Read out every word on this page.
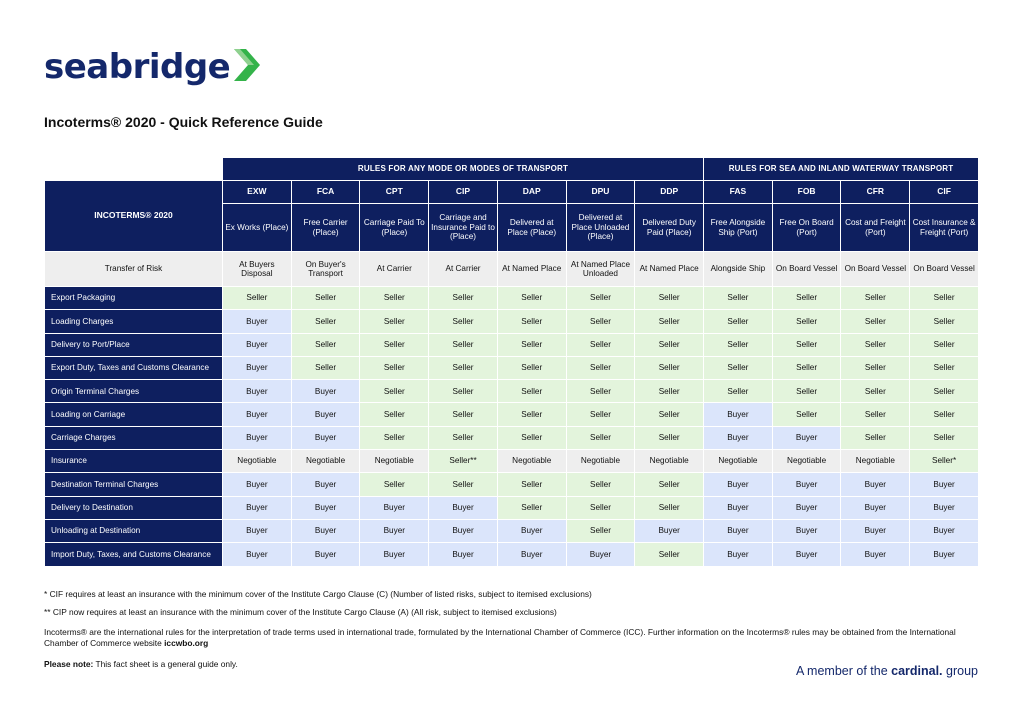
seabridge
Incoterms® 2020 - Quick Reference Guide
	RULES FOR ANY MODE OR MODES OF TRANSPORT							RULES FOR SEA AND INLAND WATERWAY TRANSPORT			
INCOTERMS® 2020	EXW	FCA	CPT	CIP	DAP	DPU	DDP	FAS	FOB	CFR	CIF
	Ex Works (Place)	Free Carrier (Place)	Carriage Paid To (Place)	Carriage and Insurance Paid to (Place)	Delivered at Place (Place)	Delivered at Place Unloaded (Place)	Delivered Duty Paid (Place)	Free Alongside Ship (Port)	Free On Board (Port)	Cost and Freight (Port)	Cost Insurance & Freight (Port)
Transfer of Risk	At Buyers Disposal	On Buyer's Transport	At Carrier	At Carrier	At Named Place	At Named Place Unloaded	At Named Place	Alongside Ship	On Board Vessel	On Board Vessel	On Board Vessel
Export Packaging	Seller	Seller	Seller	Seller	Seller	Seller	Seller	Seller	Seller	Seller	Seller
Loading Charges	Buyer	Seller	Seller	Seller	Seller	Seller	Seller	Seller	Seller	Seller	Seller
Delivery to Port/Place	Buyer	Seller	Seller	Seller	Seller	Seller	Seller	Seller	Seller	Seller	Seller
Export Duty, Taxes and Customs Clearance	Buyer	Seller	Seller	Seller	Seller	Seller	Seller	Seller	Seller	Seller	Seller
Origin Terminal Charges	Buyer	Buyer	Seller	Seller	Seller	Seller	Seller	Seller	Seller	Seller	Seller
Loading on Carriage	Buyer	Buyer	Seller	Seller	Seller	Seller	Seller	Buyer	Seller	Seller	Seller
Carriage Charges	Buyer	Buyer	Seller	Seller	Seller	Seller	Seller	Buyer	Buyer	Seller	Seller
Insurance	Negotiable	Negotiable	Negotiable	Seller**	Negotiable	Negotiable	Negotiable	Negotiable	Negotiable	Negotiable	Seller*
Destination Terminal Charges	Buyer	Buyer	Seller	Seller	Seller	Seller	Seller	Buyer	Buyer	Buyer	Buyer
Delivery to Destination	Buyer	Buyer	Buyer	Buyer	Seller	Seller	Seller	Buyer	Buyer	Buyer	Buyer
Unloading at Destination	Buyer	Buyer	Buyer	Buyer	Buyer	Seller	Buyer	Buyer	Buyer	Buyer	Buyer
Import Duty, Taxes, and Customs Clearance	Buyer	Buyer	Buyer	Buyer	Buyer	Buyer	Seller	Buyer	Buyer	Buyer	Buyer
* CIF requires at least an insurance with the minimum cover of the Institute Cargo Clause (C) (Number of listed risks, subject to itemised exclusions)
** CIP now requires at least an insurance with the minimum cover of the Institute Cargo Clause (A) (All risk, subject to itemised exclusions)
Incoterms® are the international rules for the interpretation of trade terms used in international trade, formulated by the International Chamber of Commerce (ICC). Further information on the Incoterms® rules may be obtained from the International Chamber of Commerce website iccwbo.org
Please note: This fact sheet is a general guide only.	A member of the cardinal. group
